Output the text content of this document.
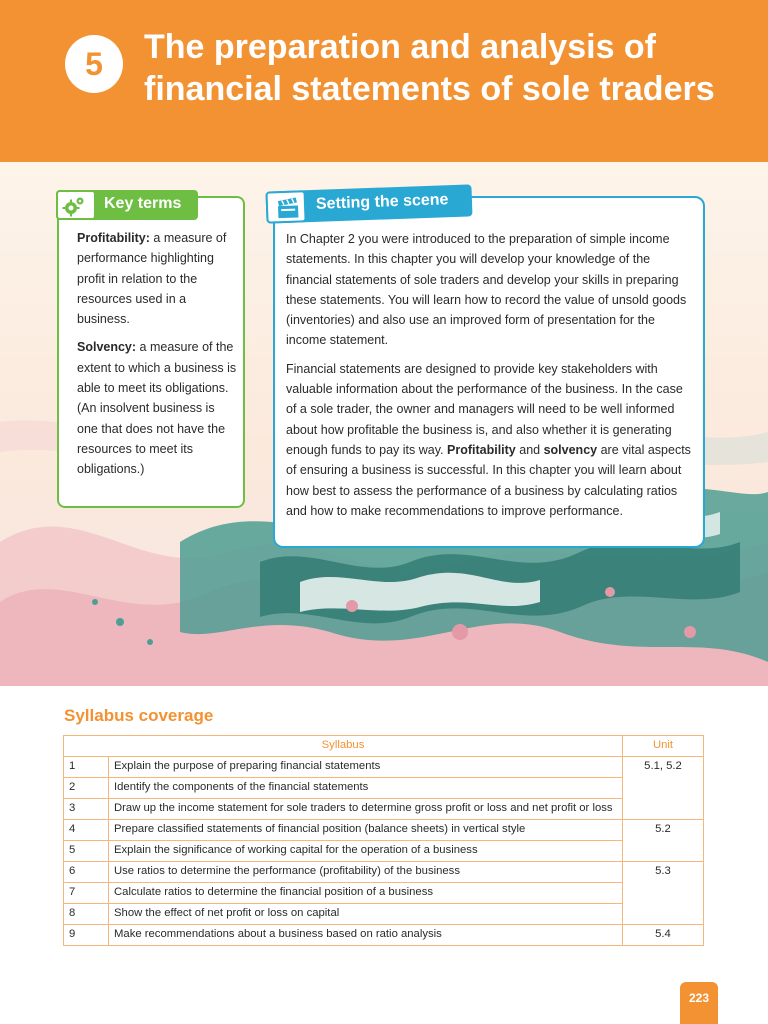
5	The preparation and analysis of financial statements of sole traders
Key terms

Profitability: a measure of performance highlighting profit in relation to the resources used in a business.

Solvency: a measure of the extent to which a business is able to meet its obligations. (An insolvent business is one that does not have the resources to meet its obligations.)

Setting the scene

In Chapter 2 you were introduced to the preparation of simple income statements. In this chapter you will develop your knowledge of the financial statements of sole traders and develop your skills in preparing these statements. You will learn how to record the value of unsold goods (inventories) and also use an improved form of presentation for the income statement.

Financial statements are designed to provide key stakeholders with valuable information about the performance of the business. In the case of a sole trader, the owner and managers will need to be well informed about how profitable the business is, and also whether it is generating enough funds to pay its way. Profitability and solvency are vital aspects of ensuring a business is successful. In this chapter you will learn about how best to assess the performance of a business by calculating ratios and how to make recommendations to improve performance.

Syllabus coverage
Syllabus		Unit
1	Explain the purpose of preparing financial statements	5.1, 5.2
2	Identify the components of the financial statements	
3	Draw up the income statement for sole traders to determine gross profit or loss and net profit or loss	
4	Prepare classified statements of financial position (balance sheets) in vertical style	5.2
5	Explain the significance of working capital for the operation of a business	
6	Use ratios to determine the performance (profitability) of the business	5.3
7	Calculate ratios to determine the financial position of a business	
8	Show the effect of net profit or loss on capital	
9	Make recommendations about a business based on ratio analysis	5.4
223
